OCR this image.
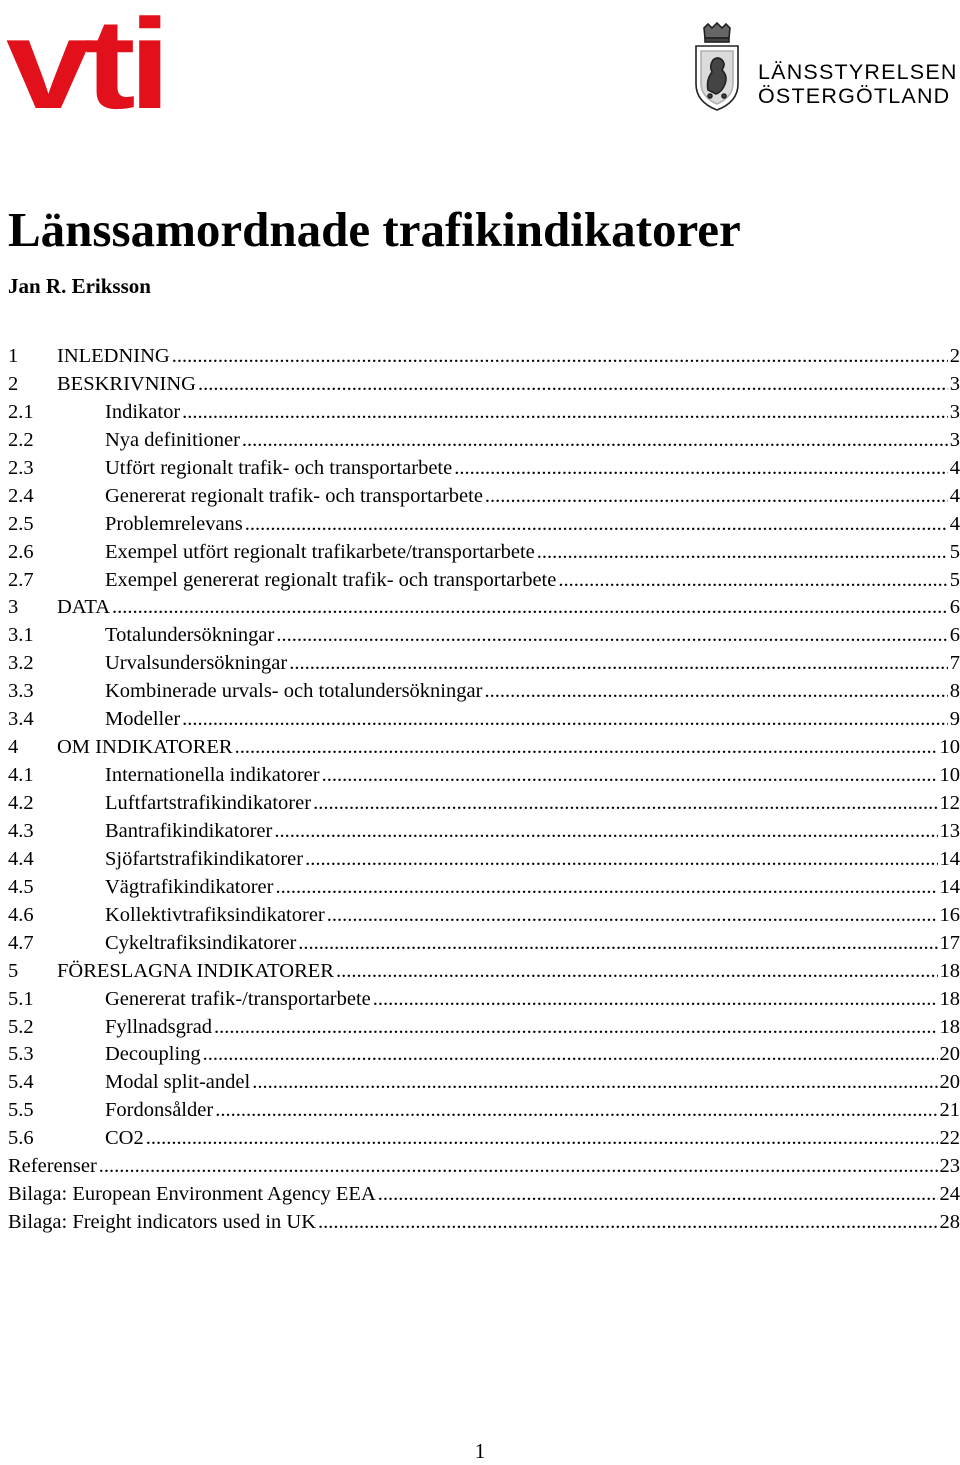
vti	LÄNSSTYRELSEN
ÖSTERGÖTLAND
Länssamordnade trafikindikatorer
Jan R. Eriksson
1 INLEDNING .....	2
2 BESKRIVNING .....	3
2.1	Indikator .....	3
2.2	Nya definitioner .....	3
2.3	Utfört regionalt trafik- och transportarbete .....	4
2.4	Genererat regionalt trafik- och transportarbete .....	4
2.5	Problemrelevans .....	4
2.6	Exempel utfört regionalt trafikarbete/transportarbete .....	5
2.7	Exempel genererat regionalt trafik- och transportarbete .....	5
3 DATA .....	6
3.1	Totalundersökningar .....	6
3.2	Urvalsundersökningar .....	7
3.3	Kombinerade urvals- och totalundersökningar .....	8
3.4	Modeller .....	9
4 OM INDIKATORER .....	10
4.1	Internationella indikatorer .....	10
4.2	Luftfartstrafikindikatorer .....	12
4.3	Bantrafikindikatorer .....	13
4.4	Sjöfartstrafikindikatorer .....	14
4.5	Vägtrafikindikatorer .....	14
4.6	Kollektivtrafiksindikatorer .....	16
4.7	Cykeltrafiksindikatorer .....	17
5 FÖRESLAGNA INDIKATORER .....	18
5.1	Genererat trafik-/transportarbete .....	18
5.2	Fyllnadsgrad .....	18
5.3	Decoupling .....	20
5.4	Modal split-andel .....	20
5.5	Fordonsålder .....	21
5.6	CO2 .....	22
Referenser .....	23
Bilaga: European Environment Agency EEA .....	24
Bilaga: Freight indicators used in UK .....	28
1
